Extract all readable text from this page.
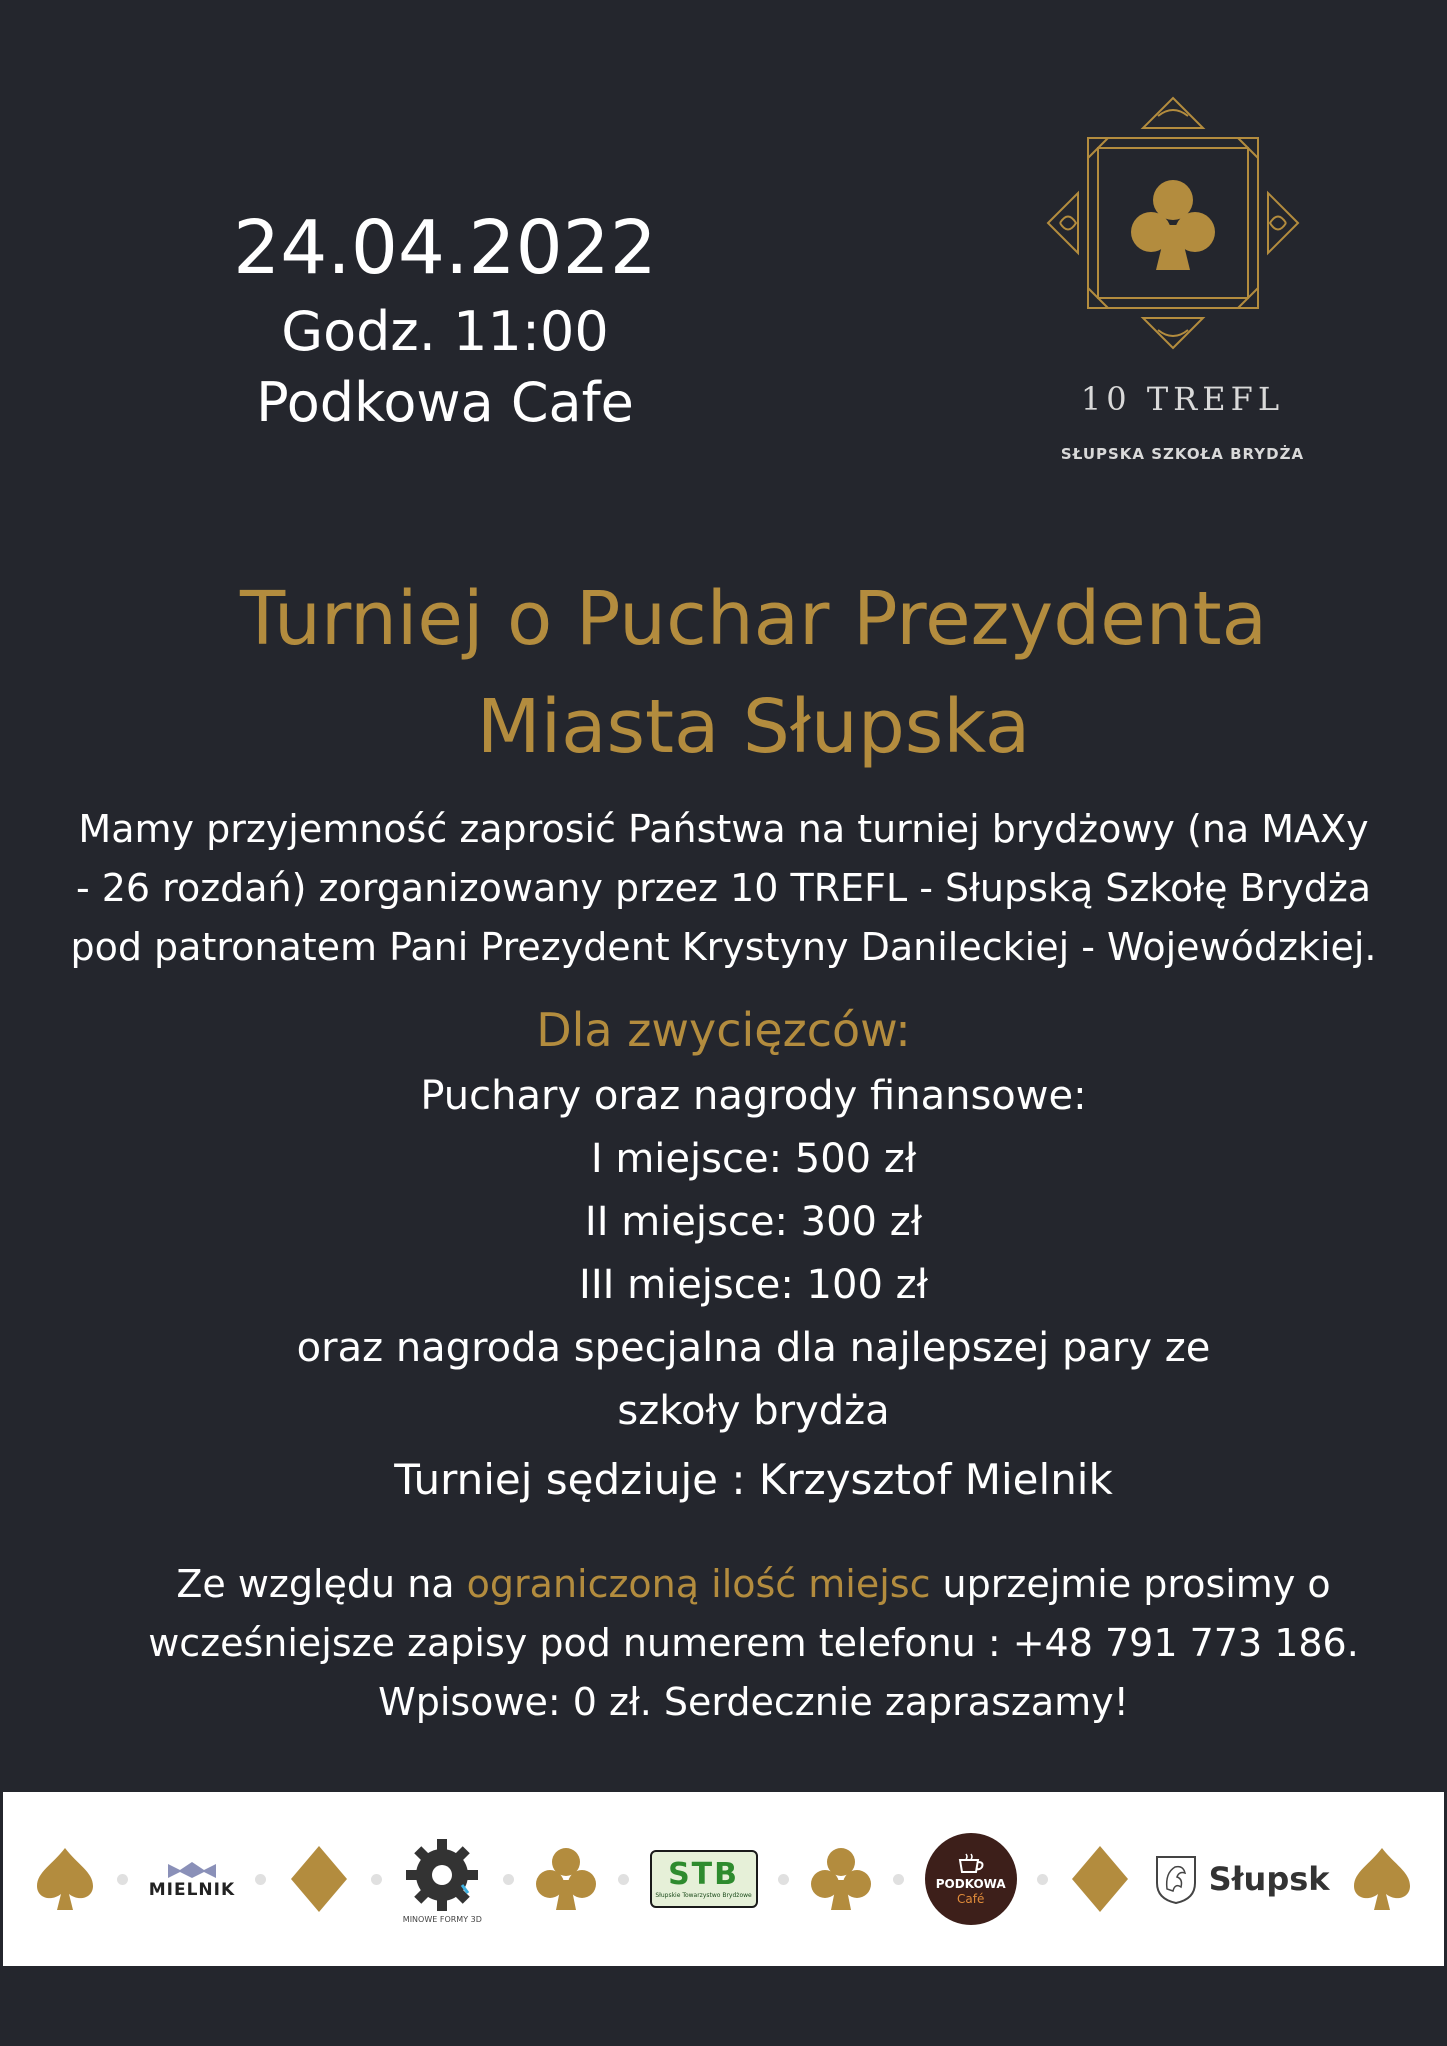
24.04.2022
Godz. 11:00
Podkowa Cafe	10 TREFL
SŁUPSKA SZKOŁA BRYDŻA
Turniej o Puchar Prezydenta
Miasta Słupska
Mamy przyjemność zaprosić Państwa na turniej brydżowy (na MAXy
- 26 rozdań) zorganizowany przez 10 TREFL - Słupską Szkołę Brydża
pod patronatem Pani Prezydent Krystyny Danileckiej - Wojewódzkiej.
Dla zwycięzców:
Puchary oraz nagrody finansowe:
I miejsce: 500 zł
II miejsce: 300 zł
III miejsce: 100 zł
oraz nagroda specjalna dla najlepszej pary ze
szkoły brydża
Turniej sędziuje : Krzysztof Mielnik
Ze względu na ograniczoną ilość miejsc uprzejmie prosimy o
wcześniejsze zapisy pod numerem telefonu : +48 791 773 186.
Wpisowe: 0 zł. Serdecznie zapraszamy!
MIELNIK
MINOWE FORMY 3D
STB
Słupskie Towarzystwo Brydżowe
PODKOWA
Café
Słupsk
